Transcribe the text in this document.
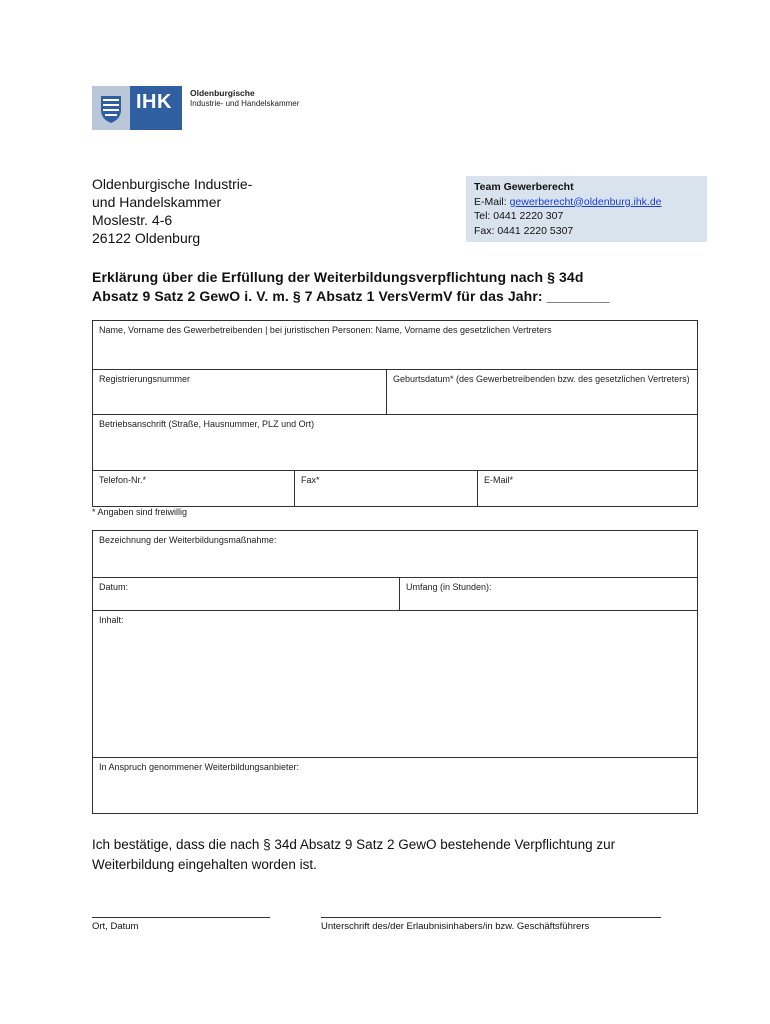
IHK	Oldenburgische
Industrie- und Handelskammer
Oldenburgische Industrie-
und Handelskammer
Moslestr. 4-6
26122 Oldenburg
Team Gewerberecht
E-Mail: gewerberecht@oldenburg.ihk.de
Tel: 0441 2220 307
Fax: 0441 2220 5307
Erklärung über die Erfüllung der Weiterbildungsverpflichtung nach § 34d
Absatz 9 Satz 2 GewO i. V. m. § 7 Absatz 1 VersVermV für das Jahr: ________
Name, Vorname des Gewerbetreibenden | bei juristischen Personen: Name, Vorname des gesetzlichen Vertreters
Registrierungsnummer	Geburtsdatum* (des Gewerbetreibenden bzw. des gesetzlichen Vertreters)
Betriebsanschrift (Straße, Hausnummer, PLZ und Ort)
Telefon-Nr.*	Fax*	E-Mail*
* Angaben sind freiwillig
Bezeichnung der Weiterbildungsmaßnahme:
Datum:	Umfang (in Stunden):
Inhalt:
In Anspruch genommener Weiterbildungsanbieter:
Ich bestätige, dass die nach § 34d Absatz 9 Satz 2 GewO bestehende Verpflichtung zur
Weiterbildung eingehalten worden ist.
Ort, Datum	Unterschrift des/der Erlaubnisinhabers/in bzw. Geschäftsführers
